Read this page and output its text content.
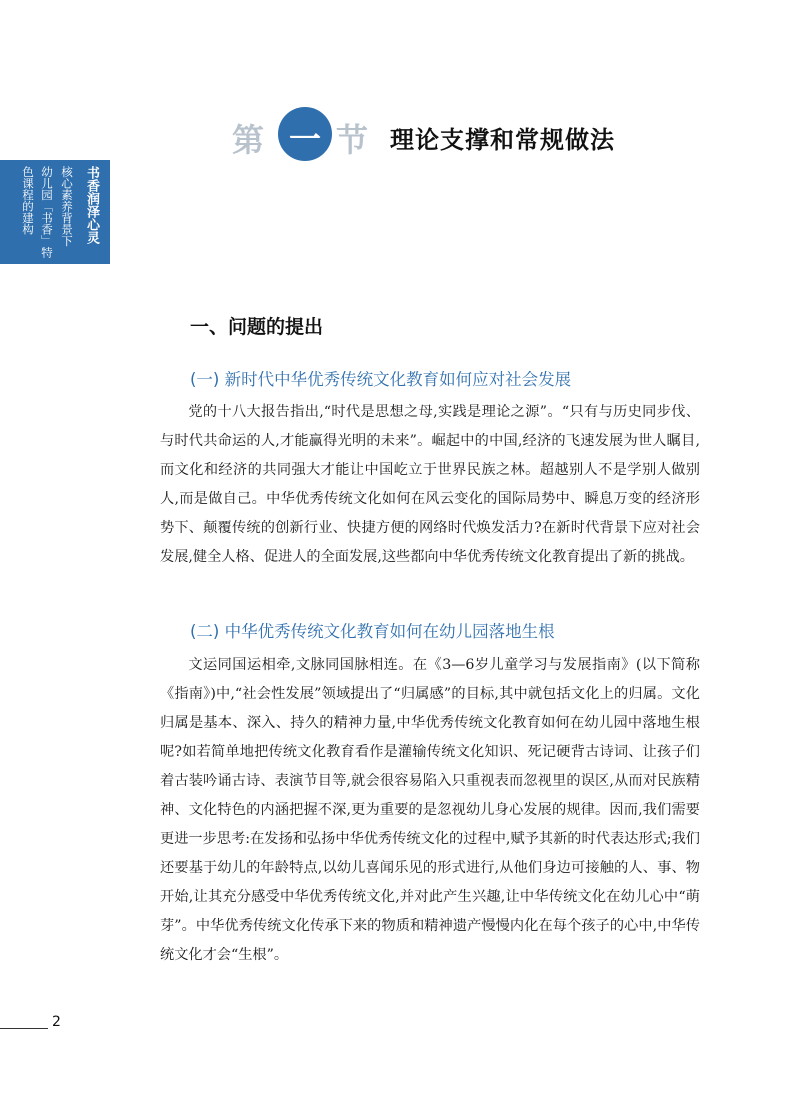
书香润泽心灵
核心素养背景下
幼儿园「书香」特
色课程的建构
第 一 节 理论支撑和常规做法
一、问题的提出
(一) 新时代中华优秀传统文化教育如何应对社会发展

党的十八大报告指出,“时代是思想之母,实践是理论之源”。“只有与历史同步伐、与时代共命运的人,才能赢得光明的未来”。崛起中的中国,经济的飞速发展为世人瞩目,而文化和经济的共同强大才能让中国屹立于世界民族之林。超越别人不是学别人做别人,而是做自己。中华优秀传统文化如何在风云变化的国际局势中、瞬息万变的经济形势下、颠覆传统的创新行业、快捷方便的网络时代焕发活力?在新时代背景下应对社会发展,健全人格、促进人的全面发展,这些都向中华优秀传统文化教育提出了新的挑战。

(二) 中华优秀传统文化教育如何在幼儿园落地生根

文运同国运相牵,文脉同国脉相连。在《3—6岁儿童学习与发展指南》(以下简称《指南》)中,“社会性发展”领域提出了“归属感”的目标,其中就包括文化上的归属。文化归属是基本、深入、持久的精神力量,中华优秀传统文化教育如何在幼儿园中落地生根呢?如若简单地把传统文化教育看作是灌输传统文化知识、死记硬背古诗词、让孩子们着古装吟诵古诗、表演节目等,就会很容易陷入只重视表而忽视里的误区,从而对民族精神、文化特色的内涵把握不深,更为重要的是忽视幼儿身心发展的规律。因而,我们需要更进一步思考:在发扬和弘扬中华优秀传统文化的过程中,赋予其新的时代表达形式;我们还要基于幼儿的年龄特点,以幼儿喜闻乐见的形式进行,从他们身边可接触的人、事、物开始,让其充分感受中华优秀传统文化,并对此产生兴趣,让中华传统文化在幼儿心中“萌芽”。中华优秀传统文化传承下来的物质和精神遗产慢慢内化在每个孩子的心中,中华传统文化才会“生根”。

2
